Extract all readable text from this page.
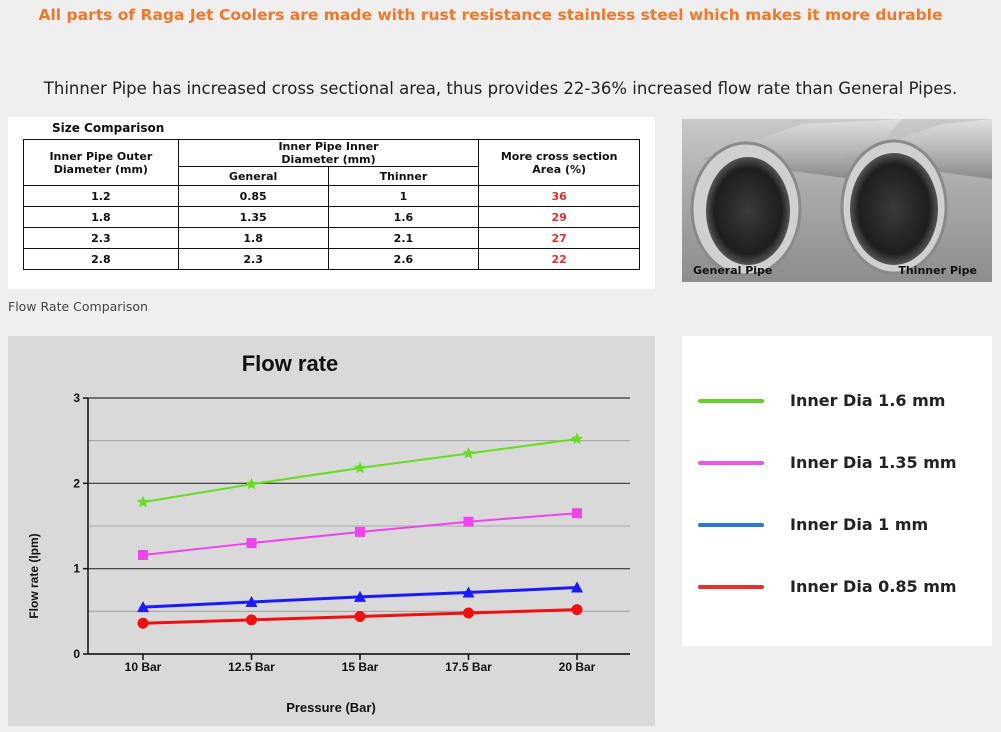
All parts of Raga Jet Coolers are made with rust resistance stainless steel which makes it more durable
Thinner Pipe has increased cross sectional area, thus provides 22-36% increased flow rate than General Pipes.
Size Comparison
Inner Pipe Outer Diameter (mm)	Inner Pipe Inner Diameter (mm)		More cross section Area (%)
	General	Thinner	
1.2	0.85	1	36
1.8	1.35	1.6	29
2.3	1.8	2.1	27
2.8	2.3	2.6	22
General Pipe	Thinner Pipe
Flow Rate Comparison
Flow rate
0
1
2
3
10 Bar	12.5 Bar	15 Bar	17.5 Bar	20 Bar
Pressure (Bar)
Flow rate (lpm)
Inner Dia 1.6 mm
Inner Dia 1.35 mm
Inner Dia 1 mm
Inner Dia 0.85 mm
